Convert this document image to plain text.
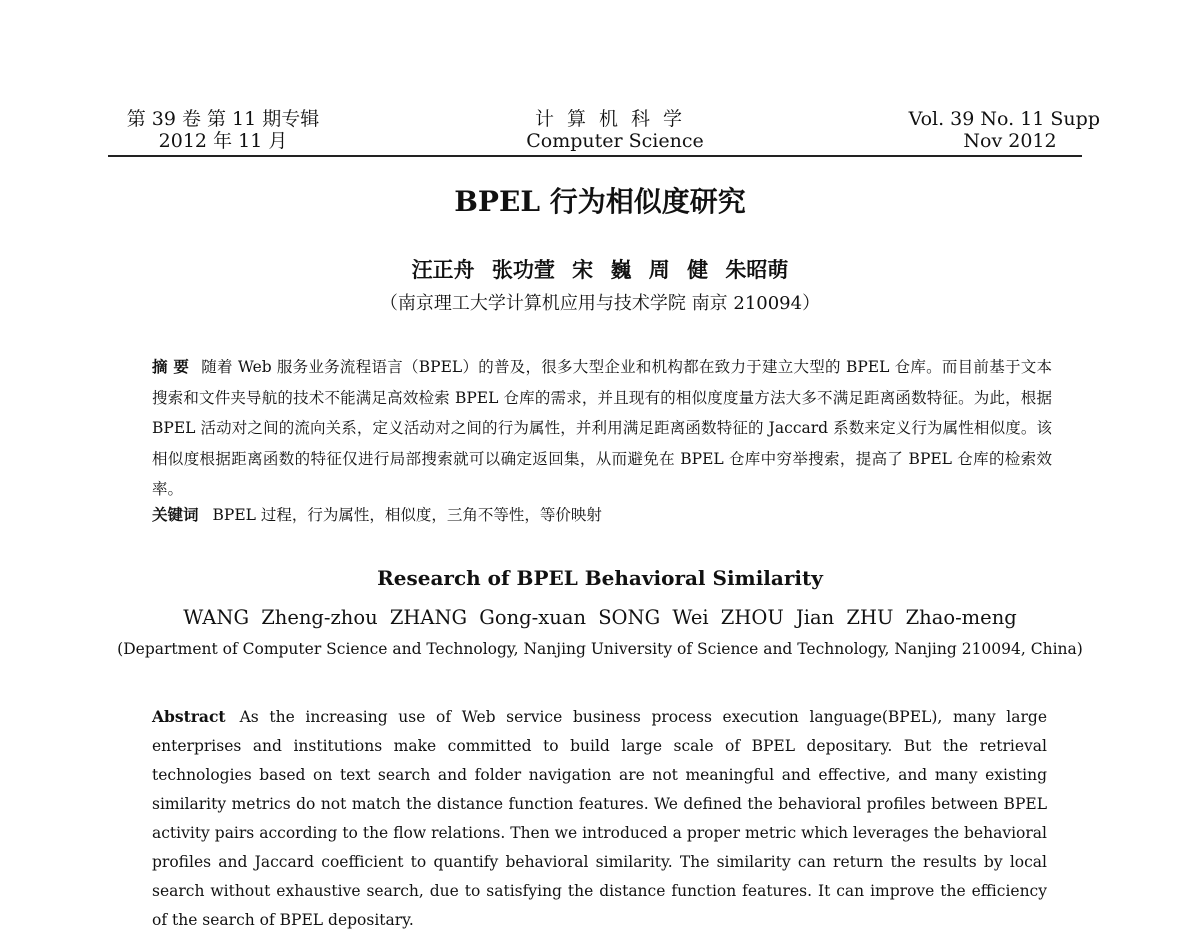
第 39 卷 第 11 期专辑
2012 年 11 月
计算机科学
Computer Science
Vol. 39 No. 11 Supp
Nov 2012
BPEL 行为相似度研究
汪正舟 张功萱 宋 巍 周 健 朱昭萌
（南京理工大学计算机应用与技术学院 南京 210094）
摘 要 随着 Web 服务业务流程语言（BPEL）的普及，很多大型企业和机构都在致力于建立大型的 BPEL 仓库。而目前基于文本搜索和文件夹导航的技术不能满足高效检索 BPEL 仓库的需求，并且现有的相似度度量方法大多不满足距离函数特征。为此，根据 BPEL 活动对之间的流向关系，定义活动对之间的行为属性，并利用满足距离函数特征的 Jaccard 系数来定义行为属性相似度。该相似度根据距离函数的特征仅进行局部搜索就可以确定返回集，从而避免在 BPEL 仓库中穷举搜索，提高了 BPEL 仓库的检索效率。
关键词 BPEL 过程，行为属性，相似度，三角不等性，等价映射
Research of BPEL Behavioral Similarity
WANG Zheng-zhou ZHANG Gong-xuan SONG Wei ZHOU Jian ZHU Zhao-meng
(Department of Computer Science and Technology, Nanjing University of Science and Technology, Nanjing 210094, China)
Abstract As the increasing use of Web service business process execution language(BPEL), many large enterprises and institutions make committed to build large scale of BPEL depositary. But the retrieval technologies based on text search and folder navigation are not meaningful and effective, and many existing similarity metrics do not match the distance function features. We defined the behavioral profiles between BPEL activity pairs according to the flow relations. Then we introduced a proper metric which leverages the behavioral profiles and Jaccard coefficient to quantify behavioral similarity. The similarity can return the results by local search without exhaustive search, due to satisfying the distance function features. It can improve the efficiency of the search of BPEL depositary.
